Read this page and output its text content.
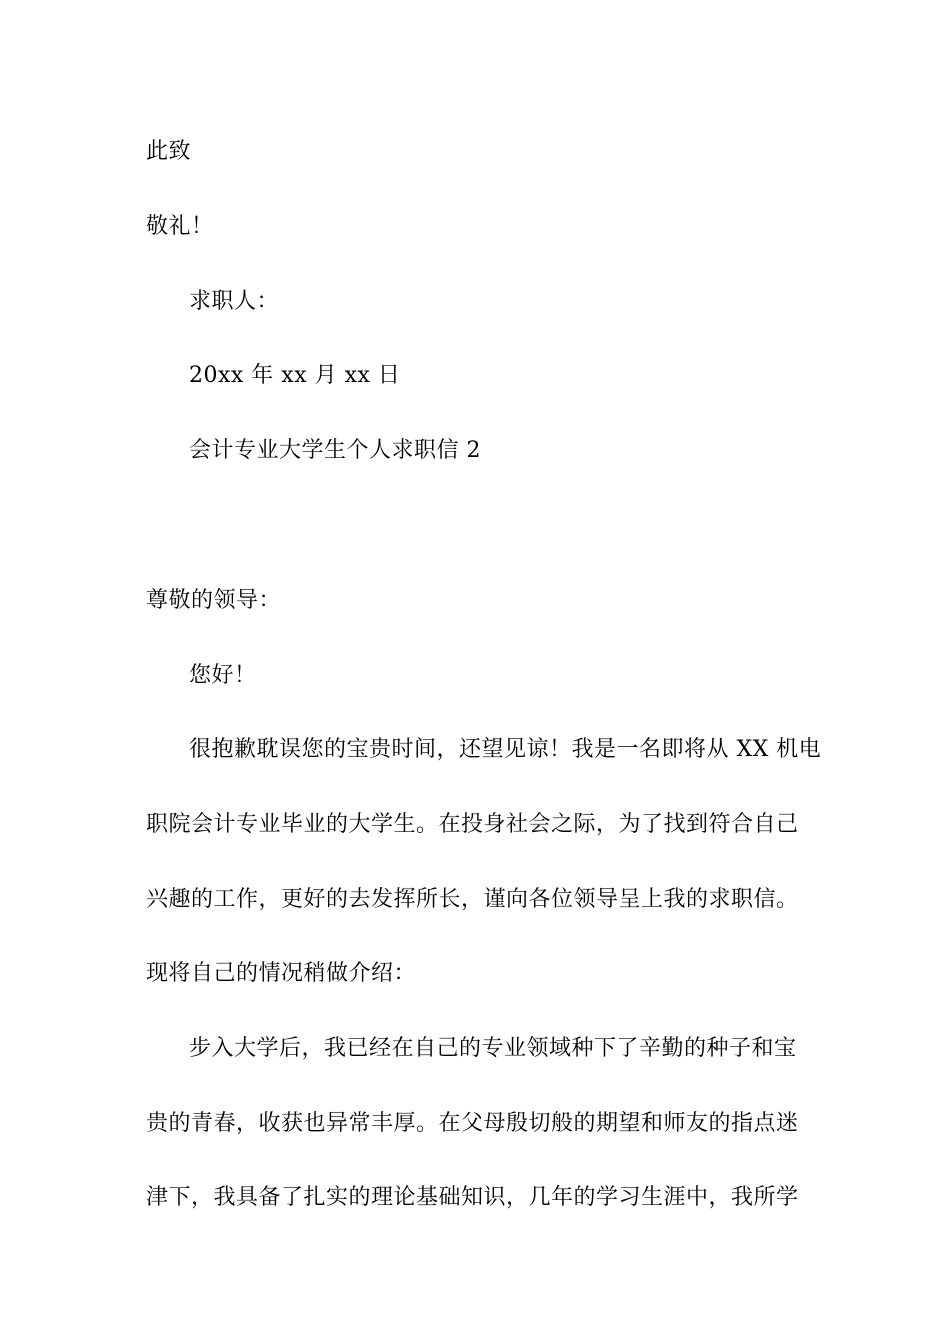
此致
敬礼！
求职人：
20xx 年 xx 月 xx 日
会计专业大学生个人求职信 2
尊敬的领导：
您好！
很抱歉耽误您的宝贵时间，还望见谅！我是一名即将从 XX 机电
职院会计专业毕业的大学生。在投身社会之际，为了找到符合自己
兴趣的工作，更好的去发挥所长，谨向各位领导呈上我的求职信。
现将自己的情况稍做介绍：
步入大学后，我已经在自己的专业领域种下了辛勤的种子和宝
贵的青春，收获也异常丰厚。在父母殷切般的期望和师友的指点迷
津下，我具备了扎实的理论基础知识，几年的学习生涯中，我所学
